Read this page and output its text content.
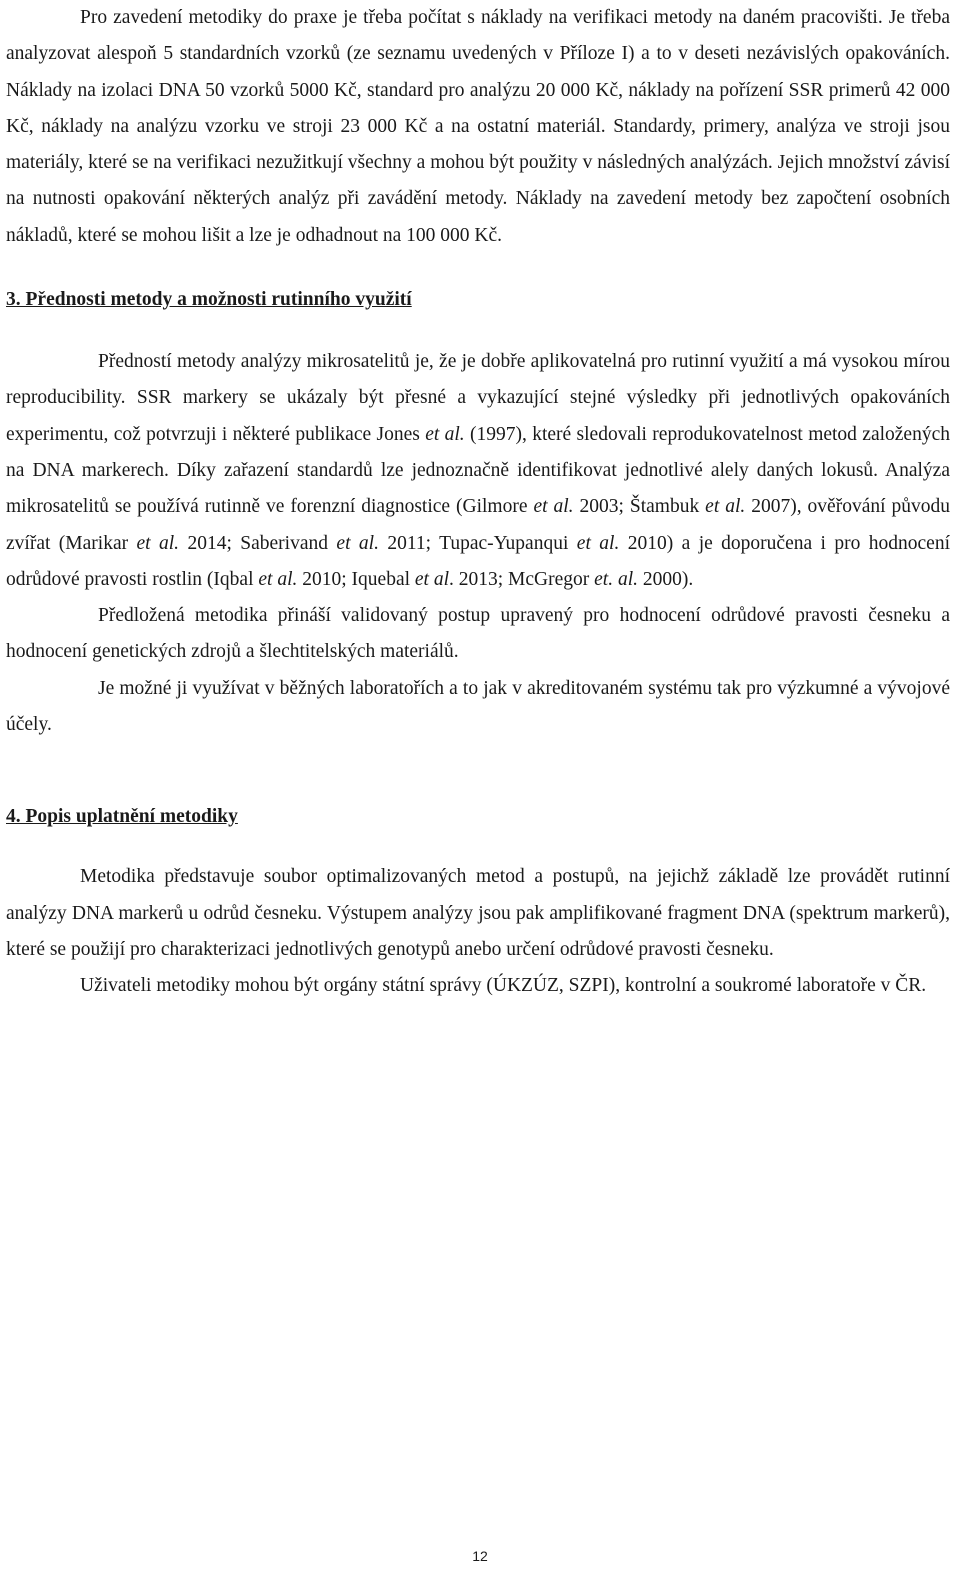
Pro zavedení metodiky do praxe je třeba počítat s náklady na verifikaci metody na daném pracovišti. Je třeba analyzovat alespoň 5 standardních vzorků (ze seznamu uvedených v Příloze I) a to v deseti nezávislých opakováních. Náklady na izolaci DNA 50 vzorků 5000 Kč, standard pro analýzu 20 000 Kč, náklady na pořízení SSR primerů 42 000 Kč, náklady na analýzu vzorku ve stroji 23 000 Kč a na ostatní materiál. Standardy, primery, analýza ve stroji jsou materiály, které se na verifikaci nezužitkují všechny a mohou být použity v následných analýzách. Jejich množství závisí na nutnosti opakování některých analýz při zavádění metody. Náklady na zavedení metody bez započtení osobních nákladů, které se mohou lišit a lze je odhadnout na 100 000 Kč.

3. Přednosti metody a možnosti rutinního využití

Předností metody analýzy mikrosatelitů je, že je dobře aplikovatelná pro rutinní využití a má vysokou mírou reproducibility. SSR markery se ukázaly být přesné a vykazující stejné výsledky při jednotlivých opakováních experimentu, což potvrzuji i některé publikace Jones et al. (1997), které sledovali reprodukovatelnost metod založených na DNA markerech. Díky zařazení standardů lze jednoznačně identifikovat jednotlivé alely daných lokusů. Analýza mikrosatelitů se používá rutinně ve forenzní diagnostice (Gilmore et al. 2003; Štambuk et al. 2007), ověřování původu zvířat (Marikar et al. 2014; Saberivand et al. 2011; Tupac-Yupanqui et al. 2010) a je doporučena i pro hodnocení odrůdové pravosti rostlin (Iqbal et al. 2010; Iquebal et al. 2013; McGregor et. al. 2000).

Předložená metodika přináší validovaný postup upravený pro hodnocení odrůdové pravosti česneku a hodnocení genetických zdrojů a šlechtitelských materiálů.

Je možné ji využívat v běžných laboratořích a to jak v akreditovaném systému tak pro výzkumné a vývojové účely.

4. Popis uplatnění metodiky

Metodika představuje soubor optimalizovaných metod a postupů, na jejichž základě lze provádět rutinní analýzy DNA markerů u odrůd česneku. Výstupem analýzy jsou pak amplifikované fragment DNA (spektrum markerů), které se použijí pro charakterizaci jednotlivých genotypů anebo určení odrůdové pravosti česneku.

Uživateli metodiky mohou být orgány státní správy (ÚKZÚZ, SZPI), kontrolní a soukromé laboratoře v ČR.

12
